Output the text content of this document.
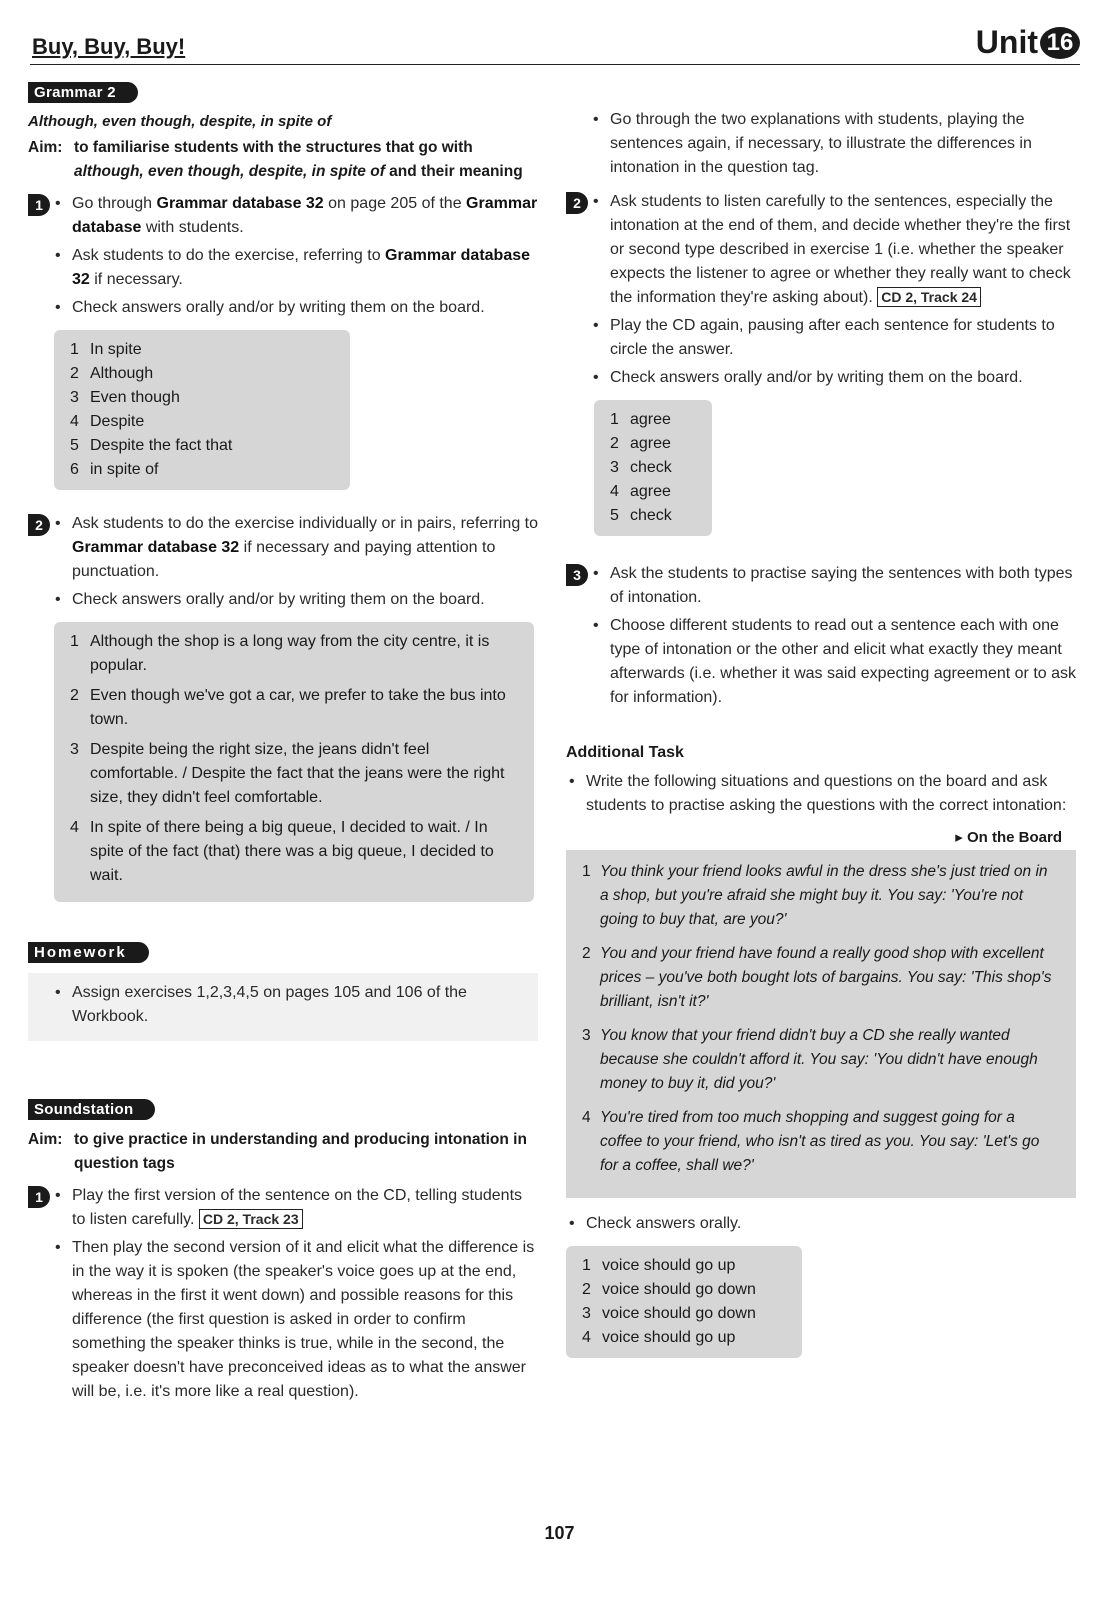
Buy, Buy, Buy!	Unit 16
Grammar 2
Although, even though, despite, in spite of
Aim: to familiarise students with the structures that go with although, even though, despite, in spite of and their meaning
1 • Go through Grammar database 32 on page 205 of the Grammar database with students.
• Ask students to do the exercise, referring to Grammar database 32 if necessary.
• Check answers orally and/or by writing them on the board.
1 In spite
2 Although
3 Even though
4 Despite
5 Despite the fact that
6 in spite of
2 • Ask students to do the exercise individually or in pairs, referring to Grammar database 32 if necessary and paying attention to punctuation.
• Check answers orally and/or by writing them on the board.
1 Although the shop is a long way from the city centre, it is popular.
2 Even though we've got a car, we prefer to take the bus into town.
3 Despite being the right size, the jeans didn't feel comfortable. / Despite the fact that the jeans were the right size, they didn't feel comfortable.
4 In spite of there being a big queue, I decided to wait. / In spite of the fact (that) there was a big queue, I decided to wait.
Homework
• Assign exercises 1,2,3,4,5 on pages 105 and 106 of the Workbook.
Soundstation
Aim: to give practice in understanding and producing intonation in question tags
1 • Play the first version of the sentence on the CD, telling students to listen carefully. CD 2, Track 23
• Then play the second version of it and elicit what the difference is in the way it is spoken (the speaker's voice goes up at the end, whereas in the first it went down) and possible reasons for this difference (the first question is asked in order to confirm something the speaker thinks is true, while in the second, the speaker doesn't have preconceived ideas as to what the answer will be, i.e. it's more like a real question).
• Go through the two explanations with students, playing the sentences again, if necessary, to illustrate the differences in intonation in the question tag.
2 • Ask students to listen carefully to the sentences, especially the intonation at the end of them, and decide whether they're the first or second type described in exercise 1 (i.e. whether the speaker expects the listener to agree or whether they really want to check the information they're asking about). CD 2, Track 24
• Play the CD again, pausing after each sentence for students to circle the answer.
• Check answers orally and/or by writing them on the board.
1 agree
2 agree
3 check
4 agree
5 check
3 • Ask the students to practise saying the sentences with both types of intonation.
• Choose different students to read out a sentence each with one type of intonation or the other and elicit what exactly they meant afterwards (i.e. whether it was said expecting agreement or to ask for information).
Additional Task
• Write the following situations and questions on the board and ask students to practise asking the questions with the correct intonation:
▸ On the Board
1 You think your friend looks awful in the dress she's just tried on in a shop, but you're afraid she might buy it. You say: 'You're not going to buy that, are you?'
2 You and your friend have found a really good shop with excellent prices – you've both bought lots of bargains. You say: 'This shop's brilliant, isn't it?'
3 You know that your friend didn't buy a CD she really wanted because she couldn't afford it. You say: 'You didn't have enough money to buy it, did you?'
4 You're tired from too much shopping and suggest going for a coffee to your friend, who isn't as tired as you. You say: 'Let's go for a coffee, shall we?'
• Check answers orally.
1 voice should go up
2 voice should go down
3 voice should go down
4 voice should go up
107
